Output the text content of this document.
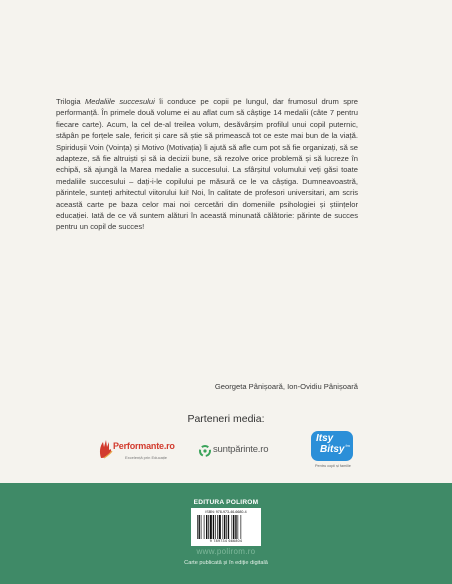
Trilogia Medaliile succesului îi conduce pe copii pe lungul, dar frumosul drum spre performanță. În primele două volume ei au aflat cum să câștige 14 medalii (câte 7 pentru fiecare carte). Acum, la cel de-al treilea volum, desăvârșim profilul unui copil puternic, stăpân pe forțele sale, fericit și care să știe să primească tot ce este mai bun de la viață. Spiridușii Voin (Voința) și Motivo (Motivația) îi ajută să afle cum pot să fie organizați, să se adapteze, să fie altruiști și să ia decizii bune, să rezolve orice problemă și să lucreze în echipă, să ajungă la Marea medalie a succesului. La sfârșitul volumului veți găsi toate medaliile succesului – dați-i-le copilului pe măsură ce le va câștiga. Dumneavoastră, părintele, sunteți arhitectul viitorului lui! Noi, în calitate de profesori universitari, am scris această carte pe baza celor mai noi cercetări din domeniile psihologiei și științelor educației. Iată de ce vă suntem alături în această minunată călătorie: părinte de succes pentru un copil de succes!

Georgeta Pânișoară, Ion-Ovidiu Pânișoară
Parteneri media:
Performante.ro
Excelență prin Educație
suntpărinte.ro
Itsy
Bitsy fm
Pentru copii și familie
EDITURA POLIROM
ISBN: 978-973-46-6680-4
9 789734 666804
www.polirom.ro
Carte publicată și în ediție digitală
